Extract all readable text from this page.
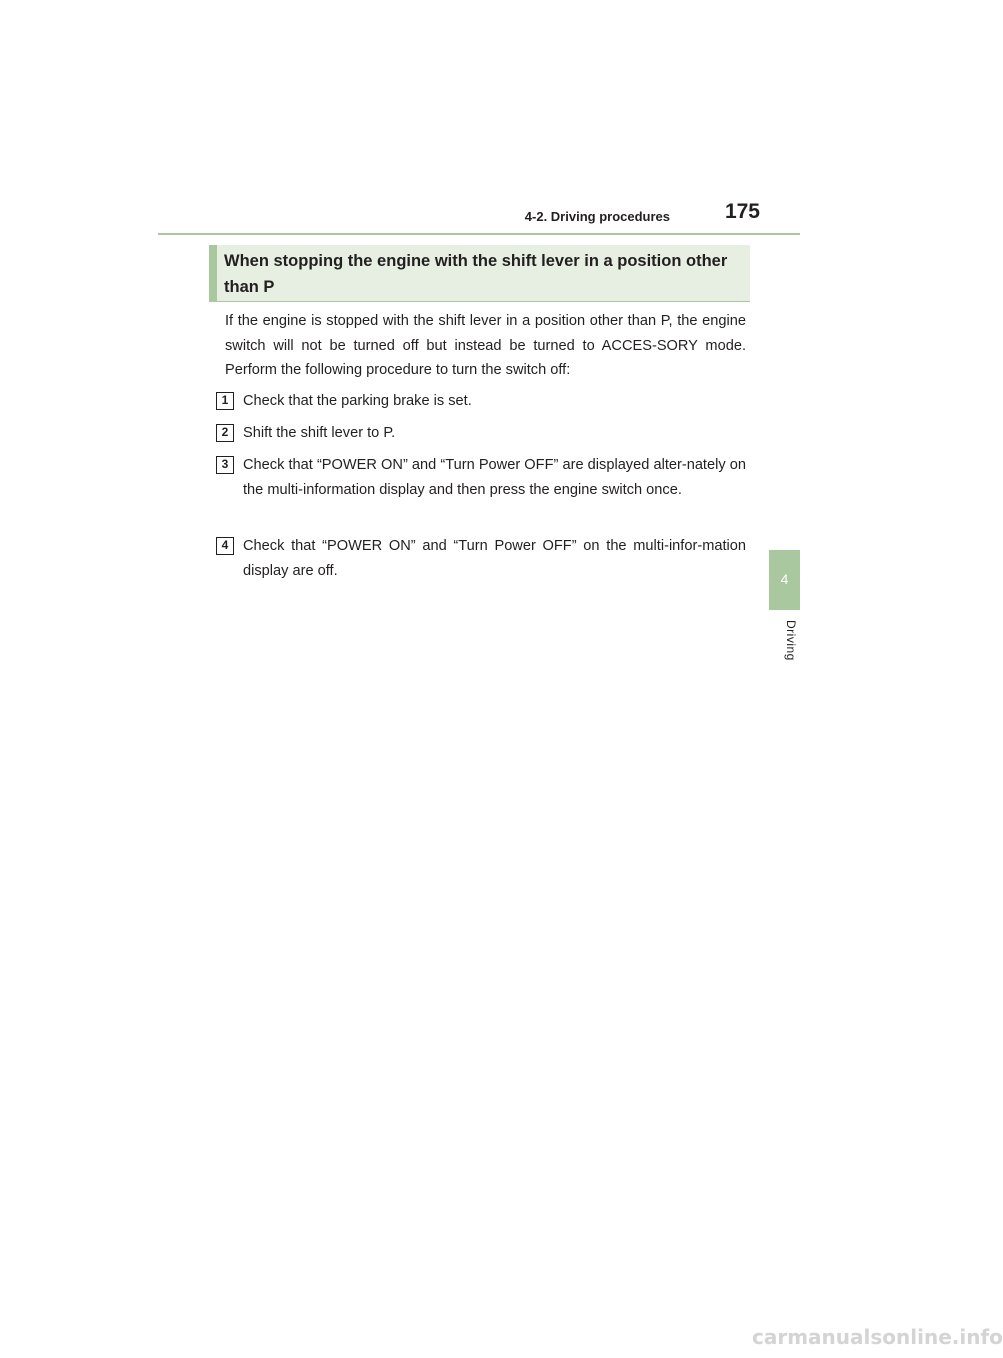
4-2. Driving procedures	175
4
Driving
When stopping the engine with the shift lever in a position other than P
If the engine is stopped with the shift lever in a position other than P, the engine switch will not be turned off but instead be turned to ACCES-SORY mode. Perform the following procedure to turn the switch off:
1	Check that the parking brake is set.
2	Shift the shift lever to P.
3	Check that “POWER ON” and “Turn Power OFF” are displayed alter-nately on the multi-information display and then press the engine switch once.
4	Check that “POWER ON” and “Turn Power OFF” on the multi-infor-mation display are off.
carmanualsonline.info
